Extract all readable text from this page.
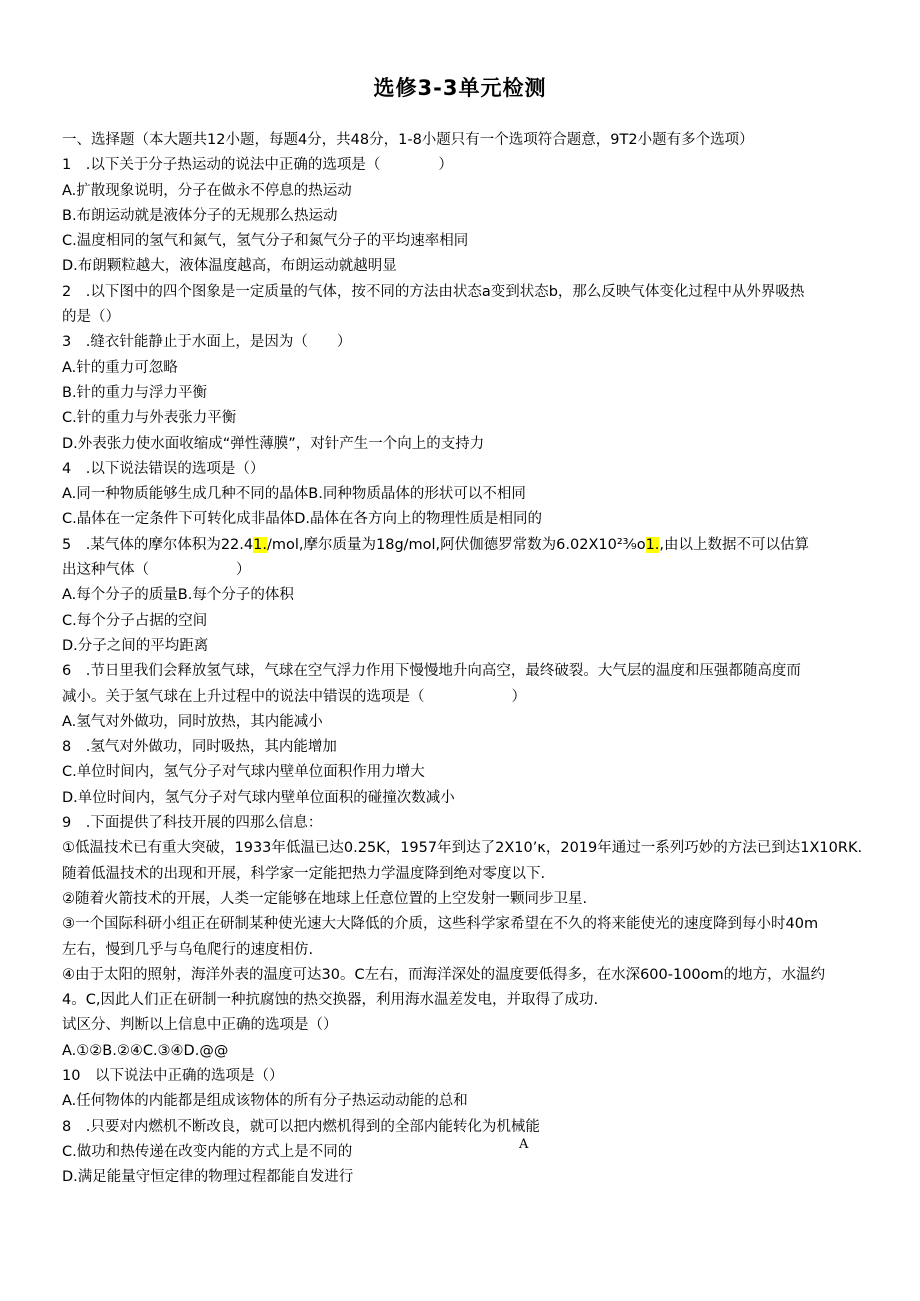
选修3-3单元检测
一、选择题（本大题共12小题，每题4分，共48分，1-8小题只有一个选项符合题意，9T2小题有多个选项）
1　.以下关于分子热运动的说法中正确的选项是（　　　　）
A.扩散现象说明，分子在做永不停息的热运动
B.布朗运动就是液体分子的无规那么热运动
C.温度相同的氢气和氮气，氢气分子和氮气分子的平均速率相同
D.布朗颗粒越大，液体温度越高，布朗运动就越明显
2　.以下图中的四个图象是一定质量的气体，按不同的方法由状态a变到状态b，那么反映气体变化过程中从外界吸热
的是（）
3　.缝衣针能静止于水面上，是因为（　　）
A.针的重力可忽略
B.针的重力与浮力平衡
C.针的重力与外表张力平衡
D.外表张力使水面收缩成“弹性薄膜”，对针产生一个向上的支持力
4　.以下说法错误的选项是（）
A.同一种物质能够生成几种不同的晶体B.同种物质晶体的形状可以不相同
C.晶体在一定条件下可转化成非晶体D.晶体在各方向上的物理性质是相同的
5　.某气体的摩尔体积为22.41./mol,摩尔质量为18g/mol,阿伏伽德罗常数为6.02X10²³⁄₉o1.,由以上数据不可以估算
出这种气体（　　　　　　）
A.每个分子的质量B.每个分子的体积
C.每个分子占据的空间
D.分子之间的平均距离
6　.节日里我们会释放氢气球，气球在空气浮力作用下慢慢地升向高空，最终破裂。大气层的温度和压强都随高度而
减小。关于氢气球在上升过程中的说法中错误的选项是（　　　　　　）
A.氢气对外做功，同时放热，其内能减小
8　.氢气对外做功，同时吸热，其内能增加
C.单位时间内，氢气分子对气球内壁单位面积作用力增大
D.单位时间内，氢气分子对气球内壁单位面积的碰撞次数减小
9　.下面提供了科技开展的四那么信息：
①低温技术已有重大突破，1933年低温已达0.25K，1957年到达了2X10’κ，2019年通过一系列巧妙的方法已到达1X10RK.
随着低温技术的出现和开展，科学家一定能把热力学温度降到绝对零度以下.
②随着火箭技术的开展，人类一定能够在地球上任意位置的上空发射一颗同步卫星.
③一个国际科研小组正在研制某种使光速大大降低的介质，这些科学家希望在不久的将来能使光的速度降到每小时40m
左右，慢到几乎与乌龟爬行的速度相仿.
④由于太阳的照射，海洋外表的温度可达30。C左右，而海洋深处的温度要低得多，在水深600-100om的地方，水温约
4。C,因此人们正在研制一种抗腐蚀的热交换器，利用海水温差发电，并取得了成功.
试区分、判断以上信息中正确的选项是（）
A.①②B.②④C.③④D.@@
10　以下说法中正确的选项是（）
A.任何物体的内能都是组成该物体的所有分子热运动动能的总和
8　.只要对内燃机不断改良，就可以把内燃机得到的全部内能转化为机械能
C.做功和热传递在改变内能的方式上是不同的
D.满足能量守恒定律的物理过程都能自发进行
A
